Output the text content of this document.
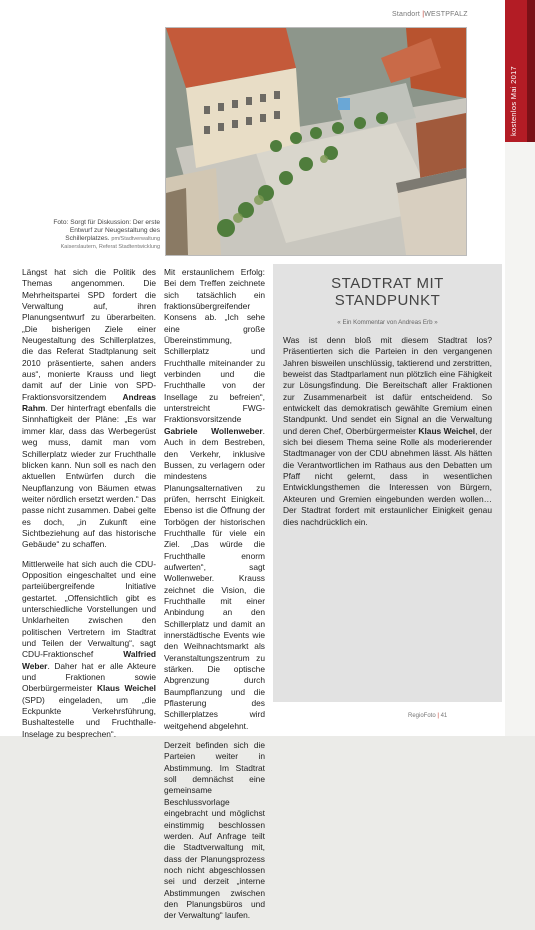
Standort |WESTPFALZ
kostenlos Mai 2017
Foto: Sorgt für Diskussion: Der erste Entwurf zur Neugestaltung des Schillerplatzes. pm/Stadtverwaltung Kaiserslautern, Referat Stadtentwicklung

Längst hat sich die Politik des Themas angenommen. Die Mehrheitspartei SPD fordert die Verwaltung auf, ihren Planungsentwurf zu überarbeiten. „Die bisherigen Ziele einer Neugestaltung des Schillerplatzes, die das Referat Stadtplanung seit 2010 präsentierte, sahen anders aus“, monierte Krauss und liegt damit auf der Linie von SPD-Fraktionsvorsitzendem Andreas Rahm. Der hinterfragt ebenfalls die Sinnhaftigkeit der Pläne: „Es war immer klar, dass das Werbegerüst weg muss, damit man vom Schillerplatz wieder zur Fruchthalle blicken kann. Nun soll es nach den aktuellen Entwürfen durch die Neupflanzung von Bäumen etwas weiter nördlich ersetzt werden.“ Das passe nicht zusammen. Dabei gelte es doch, „in Zukunft eine Sichtbeziehung auf das historische Gebäude“ zu schaffen.

Mittlerweile hat sich auch die CDU-Opposition eingeschaltet und eine parteiübergreifende Initiative gestartet. „Offensichtlich gibt es unterschiedliche Vorstellungen und Unklarheiten zwischen den politischen Vertretern im Stadtrat und Teilen der Verwaltung“, sagt CDU-Fraktionschef	Walfried Weber. Daher hat er alle Akteure und Fraktionen sowie Oberbürgermeister Klaus Weichel (SPD) eingeladen, um „die Eckpunkte Verkehrsführung, Bushaltestelle und Fruchthalle-Inselage zu besprechen“.

Mit erstaunlichem Erfolg: Bei dem Treffen zeichnete sich tatsächlich ein fraktionsübergreifender Konsens ab. „Ich sehe eine große Übereinstimmung, Schillerplatz und Fruchthalle miteinander zu verbinden und die Fruchthalle von der Insellage zu befreien“, unterstreicht FWG-Fraktionsvorsitzende Gabriele Wollenweber. Auch in dem Bestreben, den Verkehr, inklusive Bussen, zu verlagern oder mindestens Planungsalternativen zu prüfen, herrscht Einigkeit. Ebenso ist die Öffnung der Torbögen der historischen Fruchthalle für viele ein Ziel. „Das würde die Fruchthalle enorm aufwerten“, sagt Wollenweber. Krauss zeichnet die Vision, die Fruchthalle mit einer Anbindung an den Schillerplatz und damit an innerstädtische Events wie den Weihnachtsmarkt als Veranstaltungszentrum zu stärken. Die optische Abgrenzung durch Baumpflanzung und die Pflasterung des Schillerplatzes wird weitgehend abgelehnt.

Derzeit befinden sich die Parteien weiter in Abstimmung. Im Stadtrat soll demnächst eine gemeinsame Beschlussvorlage eingebracht und möglichst einstimmig beschlossen werden. Auf Anfrage teilt die Stadtverwaltung mit, dass der Planungsprozess noch nicht abgeschlossen sei und derzeit „interne Abstimmungen zwischen den Planungsbüros und der Verwaltung“ laufen.

STADTRAT MIT
STANDPUNKT
« Ein Kommentar von Andreas Erb »
Was ist denn bloß mit diesem Stadtrat los? Präsentierten sich die Parteien in den vergangenen Jahren bisweilen unschlüssig, taktierend und zerstritten, beweist das Stadtparlament nun plötzlich eine Fähigkeit zur Lösungsfindung. Die Bereitschaft aller Fraktionen zur Zusammenarbeit ist dafür entscheidend. So entwickelt das demokratisch gewählte Gremium einen Standpunkt. Und sendet ein Signal an die Verwaltung und deren Chef, Oberbürgermeister Klaus Weichel, der sich bei diesem Thema seine Rolle als moderierender Stadtmanager von der CDU abnehmen lässt. Als hätten die Verantwortlichen im Rathaus aus den Debatten um Pfaff nicht gelernt, dass in wesentlichen Entwicklungsthemen die Interessen von Bürgern, Akteuren und Gremien eingebunden werden wollen… Der Stadtrat fordert mit erstaunlicher Einigkeit genau dies nachdrücklich ein.
RegioFoto | 41
